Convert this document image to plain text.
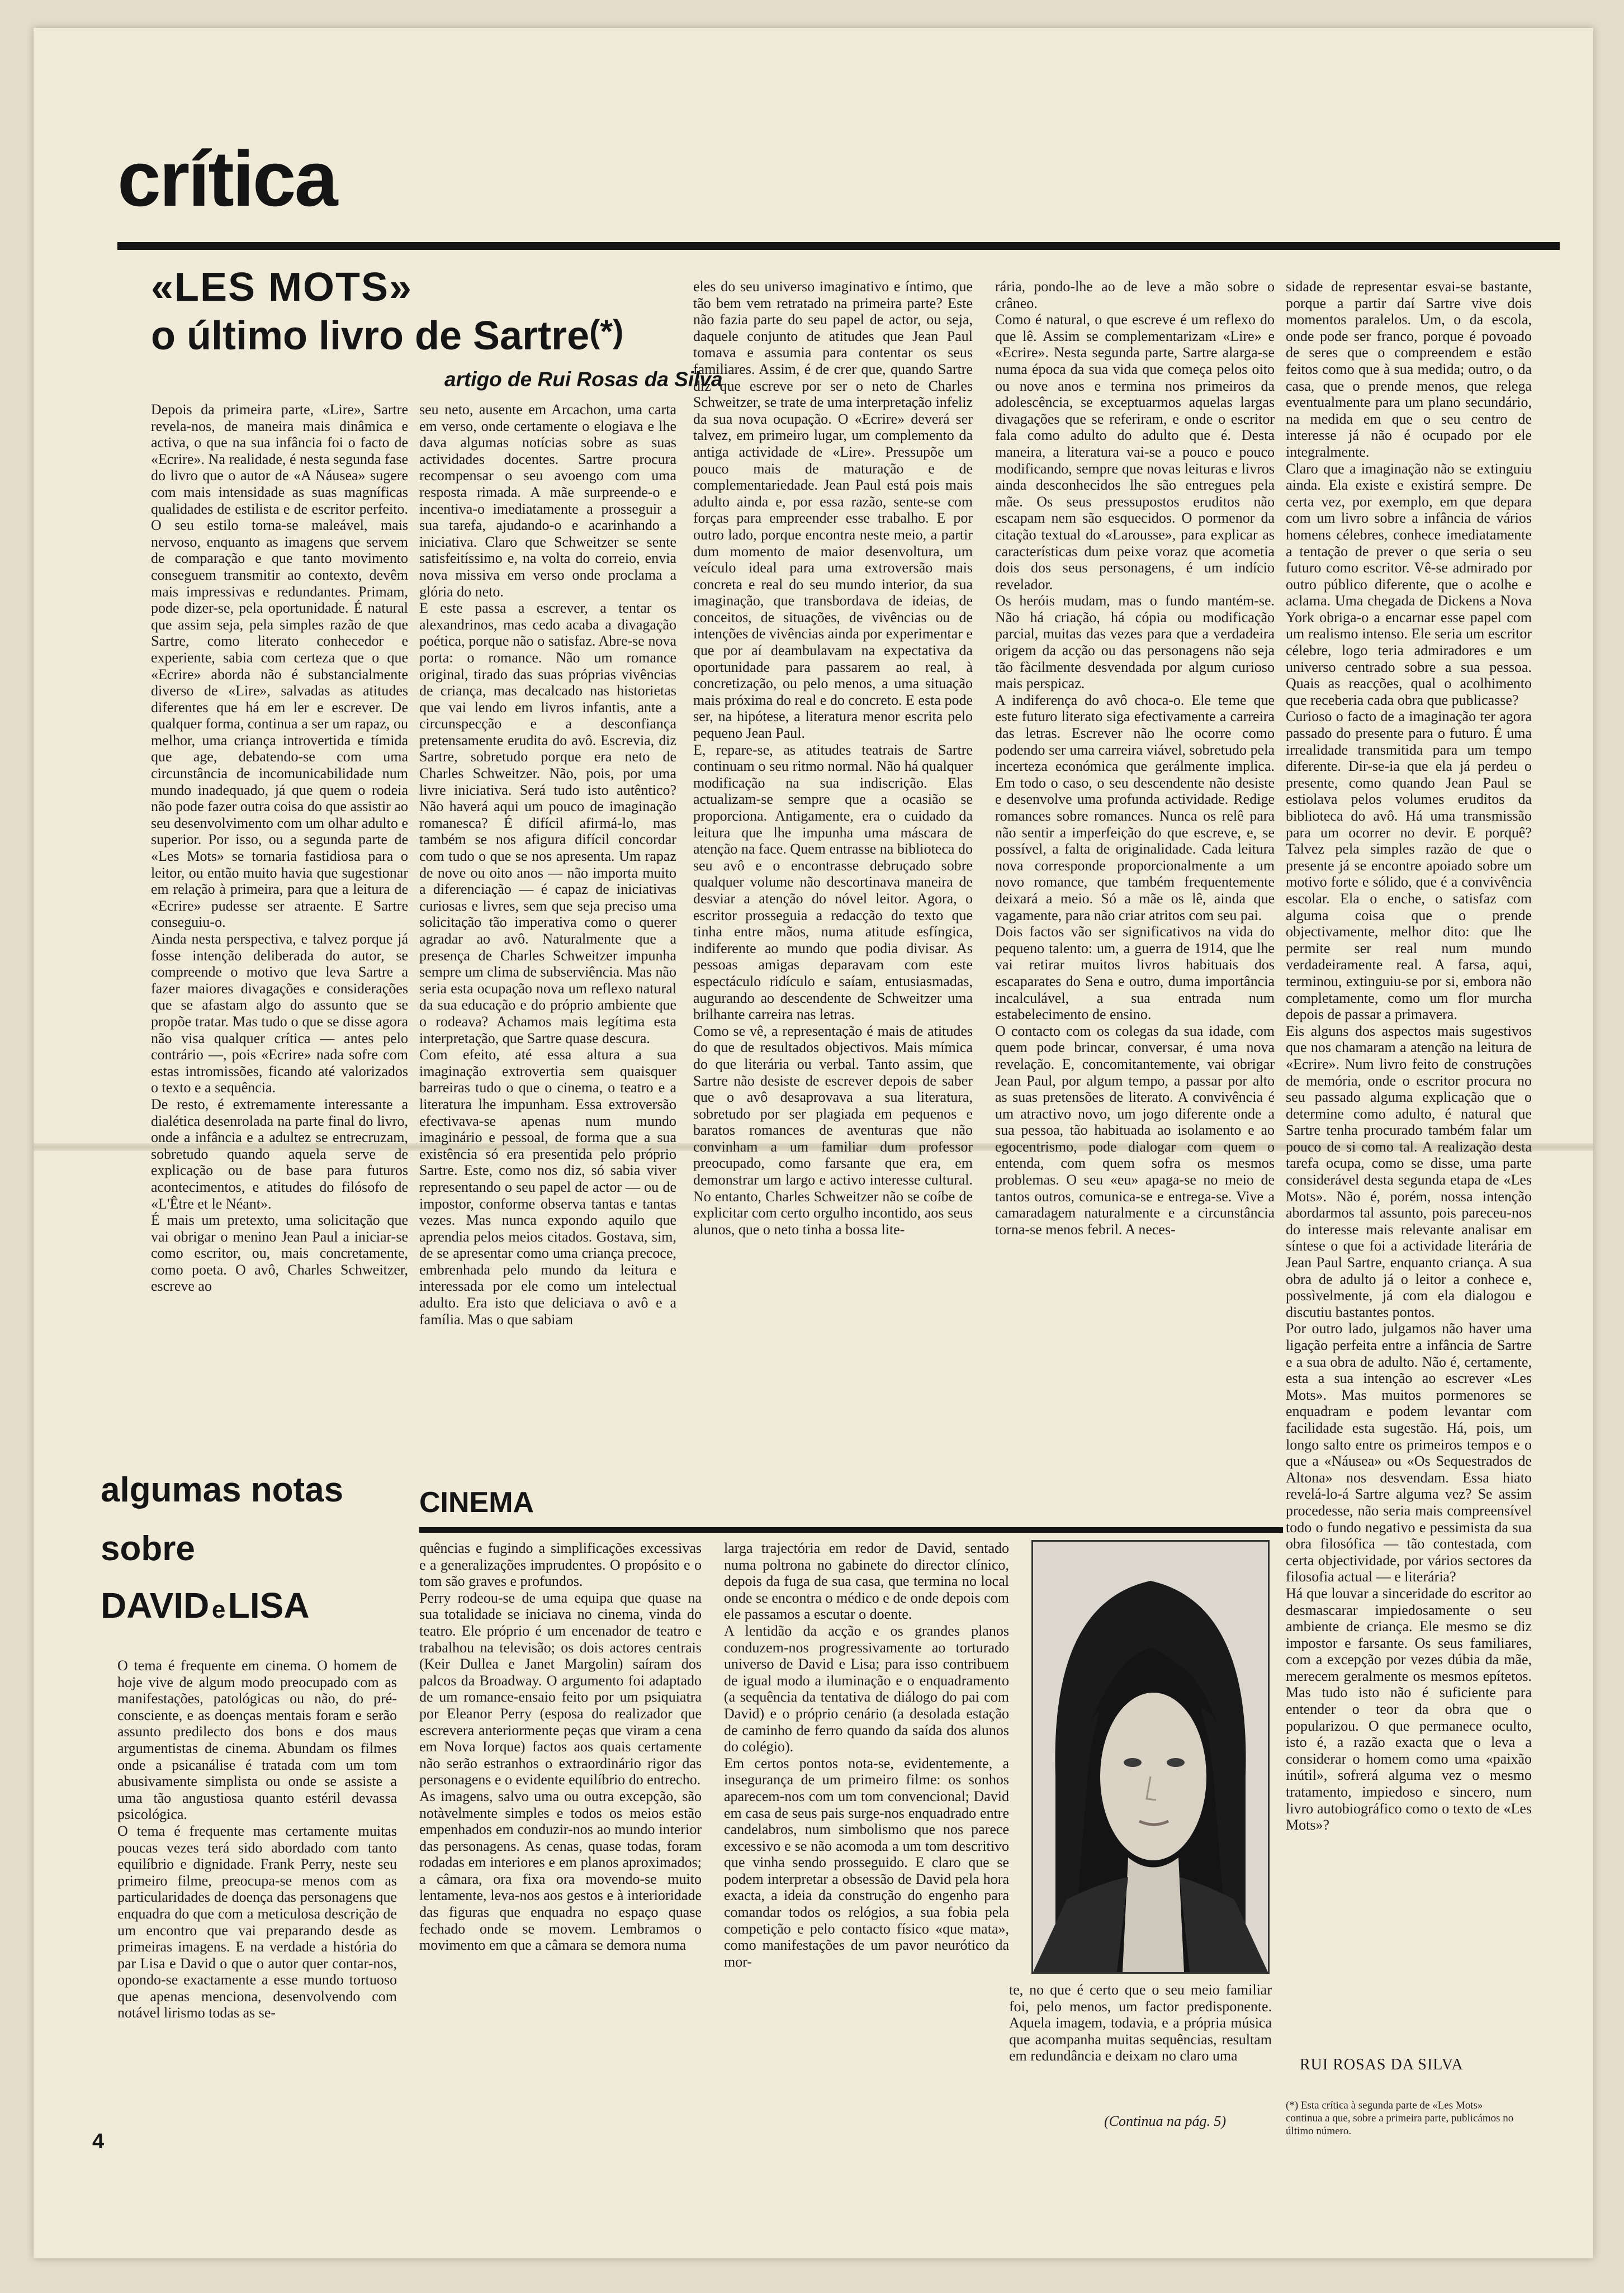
crítica
«LES MOTS»
o último livro de Sartre(*)
artigo de Rui Rosas da Silva
Depois da primeira parte, «Lire», Sartre revela-nos, de maneira mais dinâmica e activa, o que na sua infância foi o facto de «Ecrire». Na realidade, é nesta segunda fase do livro que o autor de «A Náusea» sugere com mais intensidade as suas magníficas qualidades de estilista e de escritor perfeito. O seu estilo torna-se maleável, mais nervoso, enquanto as imagens que servem de comparação e que tanto movimento conseguem transmitir ao contexto, devêm mais impressivas e redundantes. Primam, pode dizer-se, pela oportunidade. É natural que assim seja, pela simples razão de que Sartre, como literato conhecedor e experiente, sabia com certeza que o que «Ecrire» aborda não é substancialmente diverso de «Lire», salvadas as atitudes diferentes que há em ler e escrever. De qualquer forma, continua a ser um rapaz, ou melhor, uma criança introvertida e tímida que age, debatendo-se com uma circunstância de incomunicabilidade num mundo inadequado, já que quem o rodeia não pode fazer outra coisa do que assistir ao seu desenvolvimento com um olhar adulto e superior. Por isso, ou a segunda parte de «Les Mots» se tornaria fastidiosa para o leitor, ou então muito havia que sugestionar em relação à primeira, para que a leitura de «Ecrire» pudesse ser atraente. E Sartre conseguiu-o.
Ainda nesta perspectiva, e talvez porque já fosse intenção deliberada do autor, se compreende o motivo que leva Sartre a fazer maiores divagações e considerações que se afastam algo do assunto que se propõe tratar. Mas tudo o que se disse agora não visa qualquer crítica — antes pelo contrário —, pois «Ecrire» nada sofre com estas intromissões, ficando até valorizados o texto e a sequência.
De resto, é extremamente interessante a dialética desenrolada na parte final do livro, onde a infância e a adultez se entrecruzam, sobretudo quando aquela serve de explicação ou de base para futuros acontecimentos, e atitudes do filósofo de «L'Être et le Néant».
É mais um pretexto, uma solicitação que vai obrigar o menino Jean Paul a iniciar-se como escritor, ou, mais concretamente, como poeta. O avô, Charles Schweitzer, escreve ao
seu neto, ausente em Arcachon, uma carta em verso, onde certamente o elogiava e lhe dava algumas notícias sobre as suas actividades docentes. Sartre procura recompensar o seu avoengo com uma resposta rimada. A mãe surpreende-o e incentiva-o imediatamente a prosseguir a sua tarefa, ajudando-o e acarinhando a iniciativa. Claro que Schweitzer se sente satisfeitíssimo e, na volta do correio, envia nova missiva em verso onde proclama a glória do neto.
E este passa a escrever, a tentar os alexandrinos, mas cedo acaba a divagação poética, porque não o satisfaz. Abre-se nova porta: o romance. Não um romance original, tirado das suas próprias vivências de criança, mas decalcado nas historietas que vai lendo em livros infantis, ante a circunspecção e a desconfiança pretensamente erudita do avô. Escrevia, diz Sartre, sobretudo porque era neto de Charles Schweitzer. Não, pois, por uma livre iniciativa. Será tudo isto autêntico? Não haverá aqui um pouco de imaginação romanesca? É difícil afirmá-lo, mas também se nos afigura difícil concordar com tudo o que se nos apresenta. Um rapaz de nove ou oito anos — não importa muito a diferenciação — é capaz de iniciativas curiosas e livres, sem que seja preciso uma solicitação tão imperativa como o querer agradar ao avô. Naturalmente que a presença de Charles Schweitzer impunha sempre um clima de subserviência. Mas não seria esta ocupação nova um reflexo natural da sua educação e do próprio ambiente que o rodeava? Achamos mais legítima esta interpretação, que Sartre quase descura.
Com efeito, até essa altura a sua imaginação extrovertia sem quaisquer barreiras tudo o que o cinema, o teatro e a literatura lhe impunham. Essa extroversão efectivava-se apenas num mundo imaginário e pessoal, de forma que a sua existência só era presentida pelo próprio Sartre. Este, como nos diz, só sabia viver representando o seu papel de actor — ou de impostor, conforme observa tantas e tantas vezes. Mas nunca expondo aquilo que aprendia pelos meios citados. Gostava, sim, de se apresentar como uma criança precoce, embrenhada pelo mundo da leitura e interessada por ele como um intelectual adulto. Era isto que deliciava o avô e a família. Mas o que sabiam
eles do seu universo imaginativo e íntimo, que tão bem vem retratado na primeira parte? Este não fazia parte do seu papel de actor, ou seja, daquele conjunto de atitudes que Jean Paul tomava e assumia para contentar os seus familiares. Assim, é de crer que, quando Sartre diz que escreve por ser o neto de Charles Schweitzer, se trate de uma interpretação infeliz da sua nova ocupação. O «Ecrire» deverá ser talvez, em primeiro lugar, um complemento da antiga actividade de «Lire». Pressupõe um pouco mais de maturação e de complementariedade. Jean Paul está pois mais adulto ainda e, por essa razão, sente-se com forças para empreender esse trabalho. E por outro lado, porque encontra neste meio, a partir dum momento de maior desenvoltura, um veículo ideal para uma extroversão mais concreta e real do seu mundo interior, da sua imaginação, que transbordava de ideias, de conceitos, de situações, de vivências ou de intenções de vivências ainda por experimentar e que por aí deambulavam na expectativa da oportunidade para passarem ao real, à concretização, ou pelo menos, a uma situação mais próxima do real e do concreto. E esta pode ser, na hipótese, a literatura menor escrita pelo pequeno Jean Paul.
E, repare-se, as atitudes teatrais de Sartre continuam o seu ritmo normal. Não há qualquer modificação na sua indiscrição. Elas actualizam-se sempre que a ocasião se proporciona. Antigamente, era o cuidado da leitura que lhe impunha uma máscara de atenção na face. Quem entrasse na biblioteca do seu avô e o encontrasse debruçado sobre qualquer volume não descortinava maneira de desviar a atenção do nóvel leitor. Agora, o escritor prosseguia a redacção do texto que tinha entre mãos, numa atitude esfíngica, indiferente ao mundo que podia divisar. As pessoas amigas deparavam com este espectáculo ridículo e saíam, entusiasmadas, augurando ao descendente de Schweitzer uma brilhante carreira nas letras.
Como se vê, a representação é mais de atitudes do que de resultados objectivos. Mais mímica do que literária ou verbal. Tanto assim, que Sartre não desiste de escrever depois de saber que o avô desaprovava a sua literatura, sobretudo por ser plagiada em pequenos e baratos romances de aventuras que não convinham a um familiar dum professor preocupado, como farsante que era, em demonstrar um largo e activo interesse cultural. No entanto, Charles Schweitzer não se coíbe de explicitar com certo orgulho incontido, aos seus alunos, que o neto tinha a bossa lite-
rária, pondo-lhe ao de leve a mão sobre o crâneo.
Como é natural, o que escreve é um reflexo do que lê. Assim se complementarizam «Lire» e «Ecrire». Nesta segunda parte, Sartre alarga-se numa época da sua vida que começa pelos oito ou nove anos e termina nos primeiros da adolescência, se exceptuarmos aquelas largas divagações que se referiram, e onde o escritor fala como adulto do adulto que é. Desta maneira, a literatura vai-se a pouco e pouco modificando, sempre que novas leituras e livros ainda desconhecidos lhe são entregues pela mãe. Os seus pressupostos eruditos não escapam nem são esquecidos. O pormenor da citação textual do «Larousse», para explicar as características dum peixe voraz que acometia dois dos seus personagens, é um indício revelador.
Os heróis mudam, mas o fundo mantém-se. Não há criação, há cópia ou modificação parcial, muitas das vezes para que a verdadeira origem da acção ou das personagens não seja tão fàcilmente desvendada por algum curioso mais perspicaz.
A indiferença do avô choca-o. Ele teme que este futuro literato siga efectivamente a carreira das letras. Escrever não lhe ocorre como podendo ser uma carreira viável, sobretudo pela incerteza económica que gerálmente implica. Em todo o caso, o seu descendente não desiste e desenvolve uma profunda actividade. Redige romances sobre romances. Nunca os relê para não sentir a imperfeição do que escreve, e, se possível, a falta de originalidade. Cada leitura nova corresponde proporcionalmente a um novo romance, que também frequentemente deixará a meio. Só a mãe os lê, ainda que vagamente, para não criar atritos com seu pai.
Dois factos vão ser significativos na vida do pequeno talento: um, a guerra de 1914, que lhe vai retirar muitos livros habituais dos escaparates do Sena e outro, duma importância incalculável, a sua entrada num estabelecimento de ensino.
O contacto com os colegas da sua idade, com quem pode brincar, conversar, é uma nova revelação. E, concomitantemente, vai obrigar Jean Paul, por algum tempo, a passar por alto as suas pretensões de literato. A convivência é um atractivo novo, um jogo diferente onde a sua pessoa, tão habituada ao isolamento e ao egocentrismo, pode dialogar com quem o entenda, com quem sofra os mesmos problemas. O seu «eu» apaga-se no meio de tantos outros, comunica-se e entrega-se. Vive a camaradagem naturalmente e a circunstância torna-se menos febril. A neces-
sidade de representar esvai-se bastante, porque a partir daí Sartre vive dois momentos paralelos. Um, o da escola, onde pode ser franco, porque é povoado de seres que o compreendem e estão feitos como que à sua medida; outro, o da casa, que o prende menos, que relega eventualmente para um plano secundário, na medida em que o seu centro de interesse já não é ocupado por ele integralmente.
Claro que a imaginação não se extinguiu ainda. Ela existe e existirá sempre. De certa vez, por exemplo, em que depara com um livro sobre a infância de vários homens célebres, conhece imediatamente a tentação de prever o que seria o seu futuro como escritor. Vê-se admirado por outro público diferente, que o acolhe e aclama. Uma chegada de Dickens a Nova York obriga-o a encarnar esse papel com um realismo intenso. Ele seria um escritor célebre, logo teria admiradores e um universo centrado sobre a sua pessoa. Quais as reacções, qual o acolhimento que receberia cada obra que publicasse?
Curioso o facto de a imaginação ter agora passado do presente para o futuro. É uma irrealidade transmitida para um tempo diferente. Dir-se-ia que ela já perdeu o presente, como quando Jean Paul se estiolava pelos volumes eruditos da biblioteca do avô. Há uma transmissão para um ocorrer no devir. E porquê? Talvez pela simples razão de que o presente já se encontre apoiado sobre um motivo forte e sólido, que é a convivência escolar. Ela o enche, o satisfaz com alguma coisa que o prende objectivamente, melhor dito: que lhe permite ser real num mundo verdadeiramente real. A farsa, aqui, terminou, extinguiu-se por si, embora não completamente, como um flor murcha depois de passar a primavera.
Eis alguns dos aspectos mais sugestivos que nos chamaram a atenção na leitura de «Ecrire». Num livro feito de construções de memória, onde o escritor procura no seu passado alguma explicação que o determine como adulto, é natural que Sartre tenha procurado também falar um pouco de si como tal. A realização desta tarefa ocupa, como se disse, uma parte considerável desta segunda etapa de «Les Mots». Não é, porém, nossa intenção abordarmos tal assunto, pois pareceu-nos do interesse mais relevante analisar em síntese o que foi a actividade literária de Jean Paul Sartre, enquanto criança. A sua obra de adulto já o leitor a conhece e, possìvelmente, já com ela dialogou e discutiu bastantes pontos.
Por outro lado, julgamos não haver uma ligação perfeita entre a infância de Sartre e a sua obra de adulto. Não é, certamente, esta a sua intenção ao escrever «Les Mots». Mas muitos pormenores se enquadram e podem levantar com facilidade esta sugestão. Há, pois, um longo salto entre os primeiros tempos e o que a «Náusea» ou «Os Sequestrados de Altona» nos desvendam. Essa hiato revelá-lo-á Sartre alguma vez? Se assim procedesse, não seria mais compreensível todo o fundo negativo e pessimista da sua obra filosófica — tão contestada, com certa objectividade, por vários sectores da filosofia actual — e literária?
Há que louvar a sinceridade do escritor ao desmascarar impiedosamente o seu ambiente de criança. Ele mesmo se diz impostor e farsante. Os seus familiares, com a excepção por vezes dúbia da mãe, merecem geralmente os mesmos epítetos. Mas tudo isto não é suficiente para entender o teor da obra que o popularizou. O que permanece oculto, isto é, a razão exacta que o leva a considerar o homem como uma «paixão inútil», sofrerá alguma vez o mesmo tratamento, impiedoso e sincero, num livro autobiográfico como o texto de «Les Mots»?
RUI ROSAS DA SILVA
(*) Esta crítica à segunda parte de «Les Mots» continua a que, sobre a primeira parte, publicámos no último número.
algumas notas
sobre
DAVID e LISA
CINEMA
O tema é frequente em cinema. O homem de hoje vive de algum modo preocupado com as manifestações, patológicas ou não, do pré-consciente, e as doenças mentais foram e serão assunto predilecto dos bons e dos maus argumentistas de cinema. Abundam os filmes onde a psicanálise é tratada com um tom abusivamente simplista ou onde se assiste a uma tão angustiosa quanto estéril devassa psicológica.
O tema é frequente mas certamente muitas poucas vezes terá sido abordado com tanto equilíbrio e dignidade. Frank Perry, neste seu primeiro filme, preocupa-se menos com as particularidades de doença das personagens que enquadra do que com a meticulosa descrição de um encontro que vai preparando desde as primeiras imagens. E na verdade a história do par Lisa e David o que o autor quer contar-nos, opondo-se exactamente a esse mundo tortuoso que apenas menciona, desenvolvendo com notável lirismo todas as se-
quências e fugindo a simplificações excessivas e a generalizações imprudentes. O propósito e o tom são graves e profundos.
Perry rodeou-se de uma equipa que quase na sua totalidade se iniciava no cinema, vinda do teatro. Ele próprio é um encenador de teatro e trabalhou na televisão; os dois actores centrais (Keir Dullea e Janet Margolin) saíram dos palcos da Broadway. O argumento foi adaptado de um romance-ensaio feito por um psiquiatra por Eleanor Perry (esposa do realizador que escrevera anteriormente peças que viram a cena em Nova Iorque) factos aos quais certamente não serão estranhos o extraordinário rigor das personagens e o evidente equilíbrio do entrecho.
As imagens, salvo uma ou outra excepção, são notàvelmente simples e todos os meios estão empenhados em conduzir-nos ao mundo interior das personagens. As cenas, quase todas, foram rodadas em interiores e em planos aproximados; a câmara, ora fixa ora movendo-se muito lentamente, leva-nos aos gestos e à interioridade das figuras que enquadra no espaço quase fechado onde se movem. Lembramos o movimento em que a câmara se demora numa
larga trajectória em redor de David, sentado numa poltrona no gabinete do director clínico, depois da fuga de sua casa, que termina no local onde se encontra o médico e de onde depois com ele passamos a escutar o doente.
A lentidão da acção e os grandes planos conduzem-nos progressivamente ao torturado universo de David e Lisa; para isso contribuem de igual modo a iluminação e o enquadramento (a sequência da tentativa de diálogo do pai com David) e o próprio cenário (a desolada estação de caminho de ferro quando da saída dos alunos do colégio).
Em certos pontos nota-se, evidentemente, a insegurança de um primeiro filme: os sonhos aparecem-nos com um tom convencional; David em casa de seus pais surge-nos enquadrado entre candelabros, num simbolismo que nos parece excessivo e se não acomoda a um tom descritivo que vinha sendo prosseguido. E claro que se podem interpretar a obsessão de David pela hora exacta, a ideia da construção do engenho para comandar todos os relógios, a sua fobia pela competição e pelo contacto físico «que mata», como manifestações de um pavor neurótico da mor-
te, no que é certo que o seu meio familiar foi, pelo menos, um factor predisponente. Aquela imagem, todavia, e a própria música que acompanha muitas sequências, resultam em redundância e deixam no claro uma
(Continua na pág. 5)
4
